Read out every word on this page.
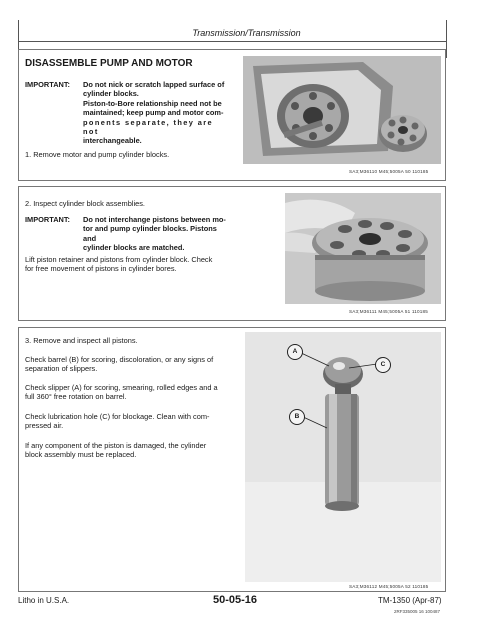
Transmission/Transmission
DISASSEMBLE PUMP AND MOTOR
IMPORTANT: Do not nick or scratch lapped surface of
cylinder blocks.
Piston-to-Bore relationship need not be
maintained; keep pump and motor com-
ponents separate, they are not
interchangeable.
1. Remove motor and pump cylinder blocks.
SA3;M36110 M45;5005A 50 110185
2. Inspect cylinder block assemblies.
IMPORTANT: Do not interchange pistons between mo-
tor and pump cylinder blocks. Pistons and
cylinder blocks are matched.
Lift piston retainer and pistons from cylinder block. Check
for free movement of pistons in cylinder bores.
SA3;M36111 M45;5005A 51 110185
3. Remove and inspect all pistons.
Check barrel (B) for scoring, discoloration, or any signs of
separation of slippers.
Check slipper (A) for scoring, smearing, rolled edges and a
full 360° free rotation on barrel.
Check lubrication hole (C) for blockage. Clean with com-
pressed air.
If any component of the piston is damaged, the cylinder
block assembly must be replaced.
A
C
B
SA3;M36112 M45;5005A 52 110185
Litho in U.S.A.	50-05-16	TM-1350 (Apr-87)
2RF335005 16 100487
